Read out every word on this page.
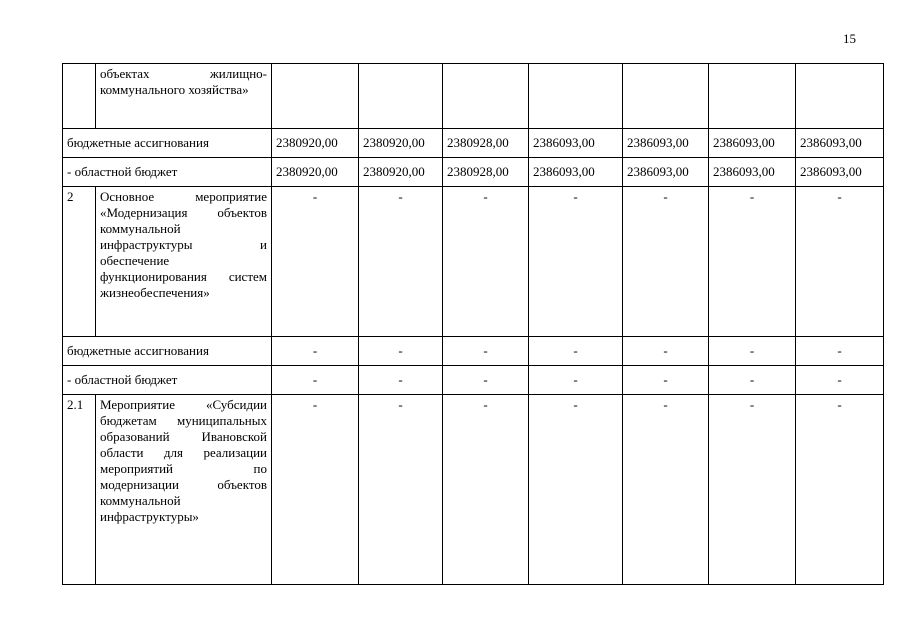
15
	объектах жилищно-коммунального хозяйства»							
бюджетные ассигнования		2380920,00	2380920,00	2380928,00	2386093,00	2386093,00	2386093,00	2386093,00
- областной бюджет		2380920,00	2380920,00	2380928,00	2386093,00	2386093,00	2386093,00	2386093,00
2	Основное мероприятие «Модернизация объектов коммунальной инфраструктуры и обеспечение функционирования систем жизнеобеспечения»	-	-	-	-	-	-	-
бюджетные ассигнования		-	-	-	-	-	-	-
- областной бюджет		-	-	-	-	-	-	-
2.1	Мероприятие «Субсидии бюджетам муниципальных образований Ивановской области для реализации мероприятий по модернизации объектов коммунальной инфраструктуры»	-	-	-	-	-	-	-
